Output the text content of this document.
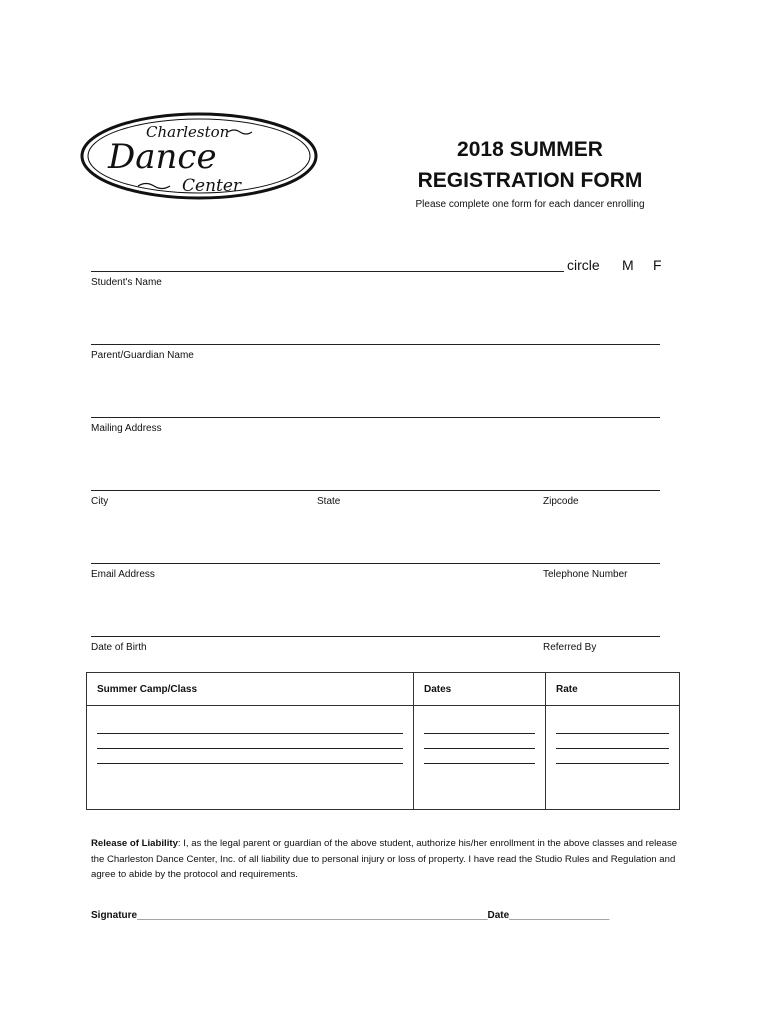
Charleston
Dance
Center
2018 SUMMER
REGISTRATION FORM
Please complete one form for each dancer enrolling
circle M F
Student's Name
Parent/Guardian Name
Mailing Address
City	State	Zipcode
Email Address	Telephone Number
Date of Birth	Referred By
Summer Camp/Class	Dates	Rate

Release of Liability: I, as the legal parent or guardian of the above student, authorize his/her enrollment in the above classes and release the Charleston Dance Center, Inc. of all liability due to personal injury or loss of property. I have read the Studio Rules and Regulation and agree to abide by the protocol and requirements.
Signature_______________________________________________________________Date__________________
